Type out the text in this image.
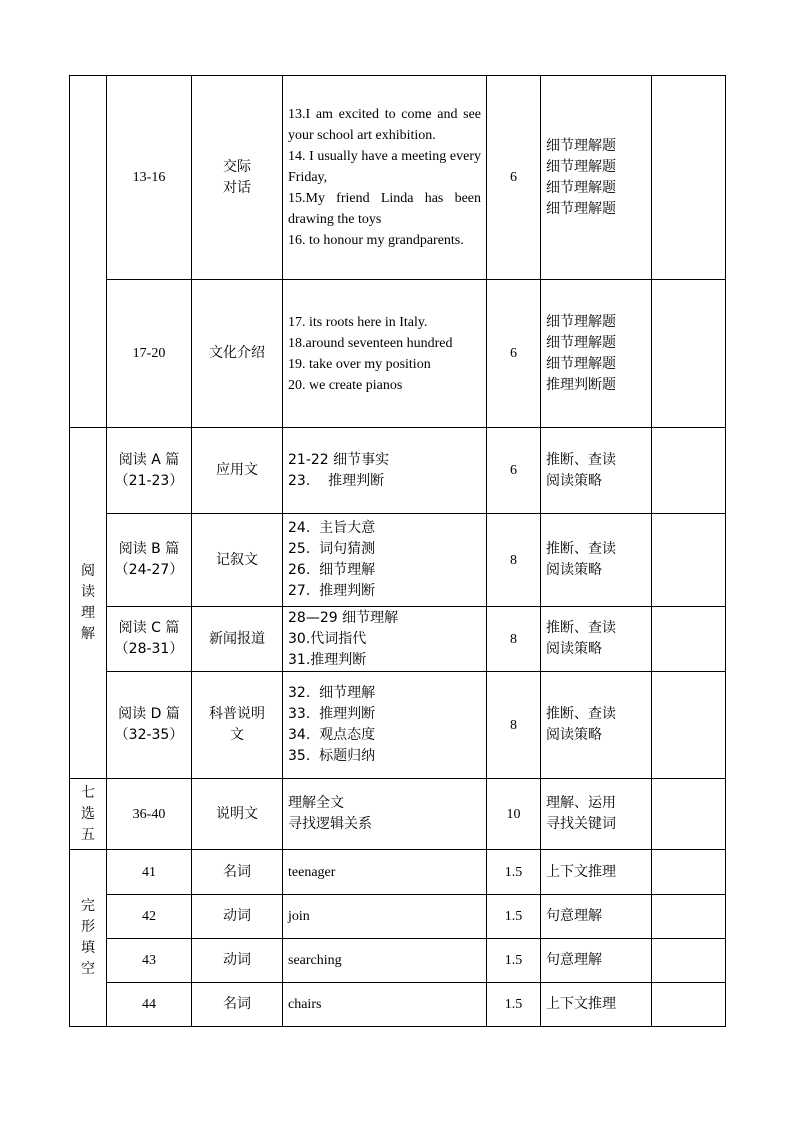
	13-16	交际
对话	13.I am excited to come and see your school art exhibition.
14. I usually have a meeting every Friday,
15.My friend Linda has been drawing the toys
16. to honour my grandparents.	6	细节理解题
细节理解题
细节理解题
细节理解题	

	17-20	文化介绍	17. its roots here in Italy.
18.around seventeen hundred
19. take over my position
20. we create pianos	6	细节理解题
细节理解题
细节理解题
推理判断题	

阅
读
理
解	阅读 A 篇
（21-23）	应用文	21-22 细节事实
23.    推理判断	6	推断、查读
阅读策略	

	阅读 B 篇
（24-27）	记叙文	24.  主旨大意
25.  词句猜测
26.  细节理解
27.  推理判断	8	推断、查读
阅读策略	

	阅读 C 篇
（28-31）	新闻报道	28—29 细节理解
30.代词指代
31.推理判断	8	推断、查读
阅读策略	

	阅读 D 篇
（32-35）	科普说明
文	32.  细节理解
33.  推理判断
34.  观点态度
35.  标题归纳	8	推断、查读
阅读策略	

七
选
五	36-40	说明文	理解全文
寻找逻辑关系	10	理解、运用
寻找关键词	

完
形
填
空	41	名词	teenager	1.5	上下文推理	
	42	动词	join	1.5	句意理解	
	43	动词	searching	1.5	句意理解	
	44	名词	chairs	1.5	上下文推理	
